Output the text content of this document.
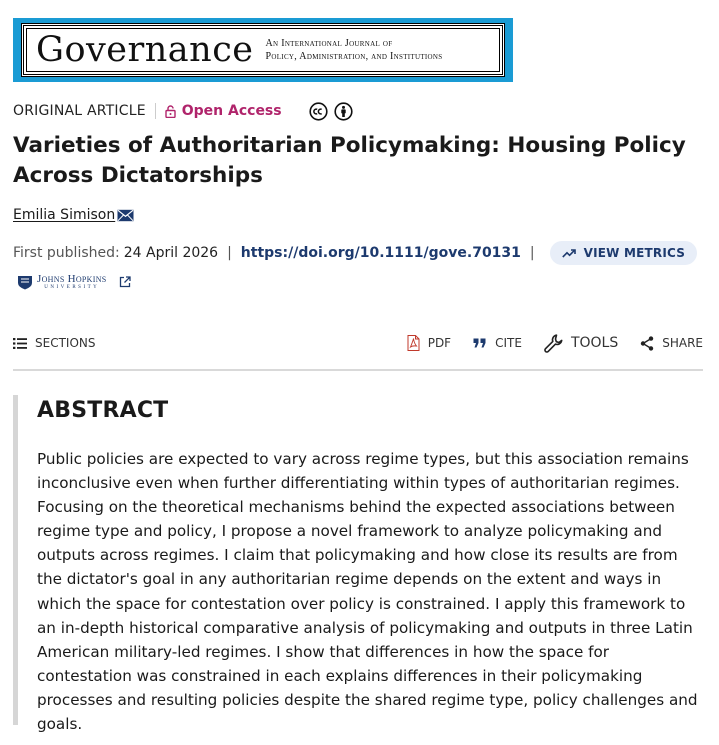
Governance An International Journal of
Policy, Administration, and Institutions
ORIGINAL ARTICLE	Open Access
Varieties of Authoritarian Policymaking: Housing Policy Across Dictatorships
Emilia Simison
First published: 24 April 2026 | https://doi.org/10.1111/gove.70131 |	VIEW METRICS
Johns Hopkins
UNIVERSITY
SECTIONS	PDF	CITE	TOOLS	SHARE
ABSTRACT

Public policies are expected to vary across regime types, but this association remains inconclusive even when further differentiating within types of authoritarian regimes. Focusing on the theoretical mechanisms behind the expected associations between regime type and policy, I propose a novel framework to analyze policymaking and outputs across regimes. I claim that policymaking and how close its results are from the dictator's goal in any authoritarian regime depends on the extent and ways in which the space for contestation over policy is constrained. I apply this framework to an in-depth historical comparative analysis of policymaking and outputs in three Latin American military-led regimes. I show that differences in how the space for contestation was constrained in each explains differences in their policymaking processes and resulting policies despite the shared regime type, policy challenges and goals.
